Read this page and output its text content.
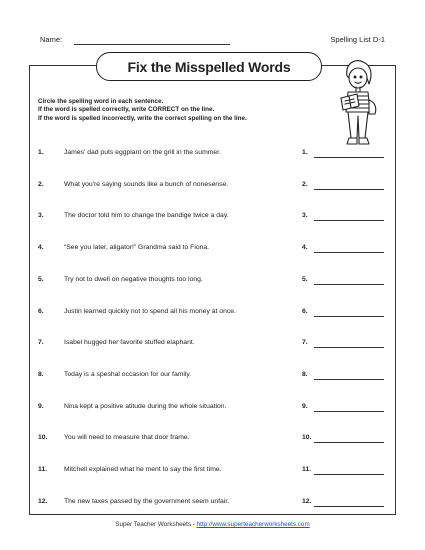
Name:	Spelling List D-1
Fix the Misspelled Words
Circle the spelling word in each sentence.
If the word is spelled correctly, write CORRECT on the line.
If the word is spelled incorrectly, write the correct spelling on the line.
1.	James' dad puts eggplant on the grill in the summer.	1.
2.	What you're saying sounds like a bunch of nonesense.	2.
3.	The doctor told him to change the bandige twice a day.	3.
4.	“See you later, aligator!” Grandma said to Fiona.	4.
5.	Try not to dwell on negative thoughts too long.	5.
6.	Justin learned quickly not to spend all his money at once.	6.
7.	Isabel hugged her favorite stuffed elaphant.	7.
8.	Today is a speshal occasion for our family.	8.
9.	Nina kept a positive atitude during the whole situation.	9.
10. You will need to measure that door frame.	10.
11. Mitchell explained what he ment to say the first time.	11.
12. The new taxes passed by the government seem unfair.	12.
Super Teacher Worksheets - http://www.superteacherworksheets.com
